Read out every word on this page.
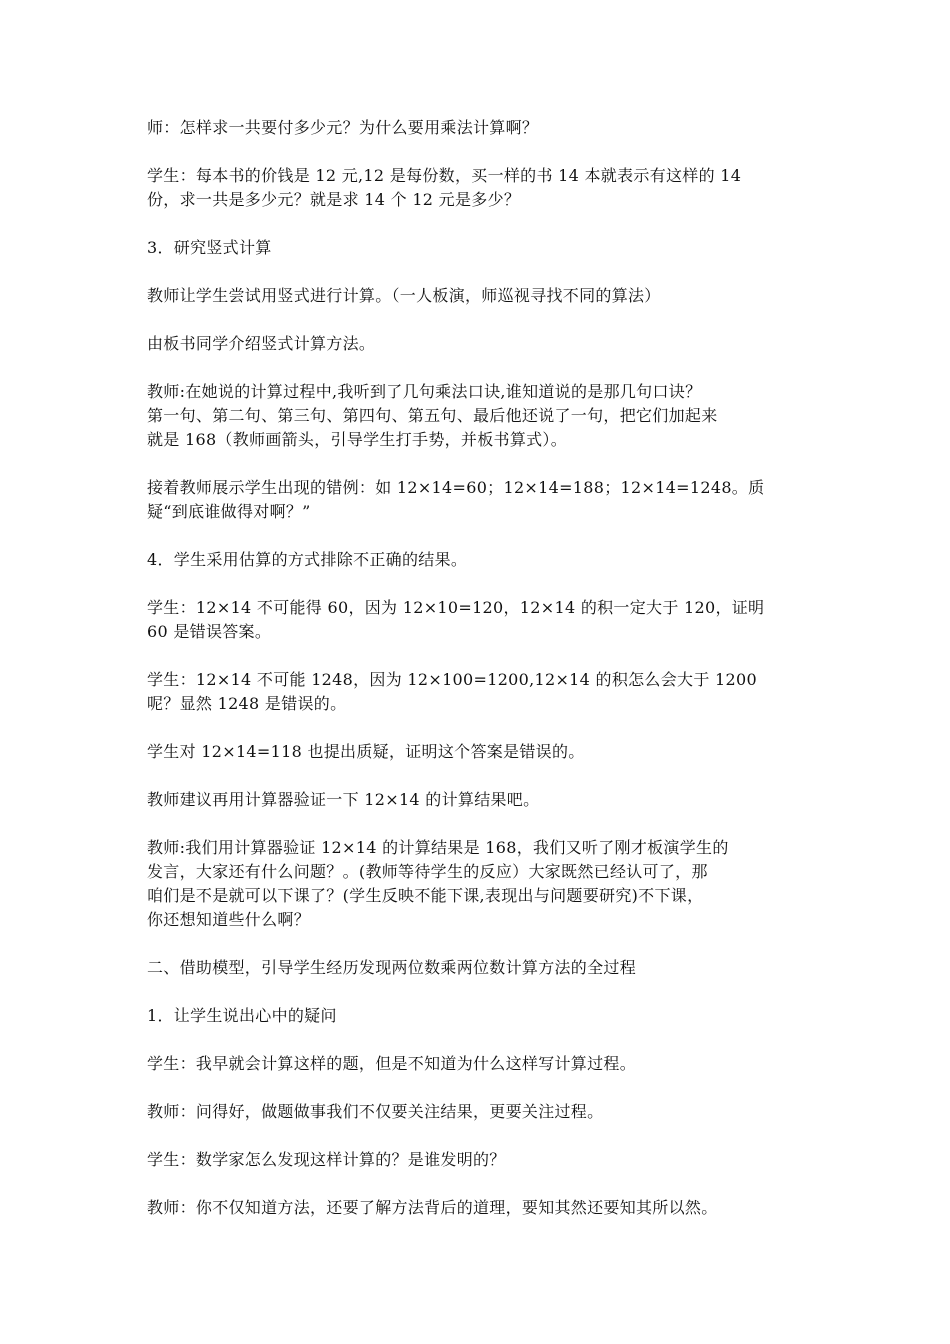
师：怎样求一共要付多少元？为什么要用乘法计算啊？

学生：每本书的价钱是 12 元,12 是每份数，买一样的书 14 本就表示有这样的 14
份，求一共是多少元？就是求 14 个 12 元是多少？

3．研究竖式计算

教师让学生尝试用竖式进行计算。（一人板演，师巡视寻找不同的算法）

由板书同学介绍竖式计算方法。

教师:在她说的计算过程中,我听到了几句乘法口诀,谁知道说的是那几句口诀？
第一句、第二句、第三句、第四句、第五句、最后他还说了一句，把它们加起来
就是 168（教师画箭头，引导学生打手势，并板书算式）。

接着教师展示学生出现的错例：如 12×14=60；12×14=188；12×14=1248。质
疑“到底谁做得对啊？”

4．学生采用估算的方式排除不正确的结果。

学生：12×14 不可能得 60，因为 12×10=120，12×14 的积一定大于 120，证明
60 是错误答案。

学生：12×14 不可能 1248，因为 12×100=1200,12×14 的积怎么会大于 1200
呢？显然 1248 是错误的。

学生对 12×14=118 也提出质疑，证明这个答案是错误的。

教师建议再用计算器验证一下 12×14 的计算结果吧。

教师:我们用计算器验证 12×14 的计算结果是 168，我们又听了刚才板演学生的
发言，大家还有什么问题？。(教师等待学生的反应）大家既然已经认可了，那
咱们是不是就可以下课了？(学生反映不能下课,表现出与问题要研究)不下课，
你还想知道些什么啊？

二、借助模型，引导学生经历发现两位数乘两位数计算方法的全过程

1．让学生说出心中的疑问

学生：我早就会计算这样的题，但是不知道为什么这样写计算过程。

教师：问得好，做题做事我们不仅要关注结果，更要关注过程。

学生：数学家怎么发现这样计算的？是谁发明的？

教师：你不仅知道方法，还要了解方法背后的道理，要知其然还要知其所以然。
